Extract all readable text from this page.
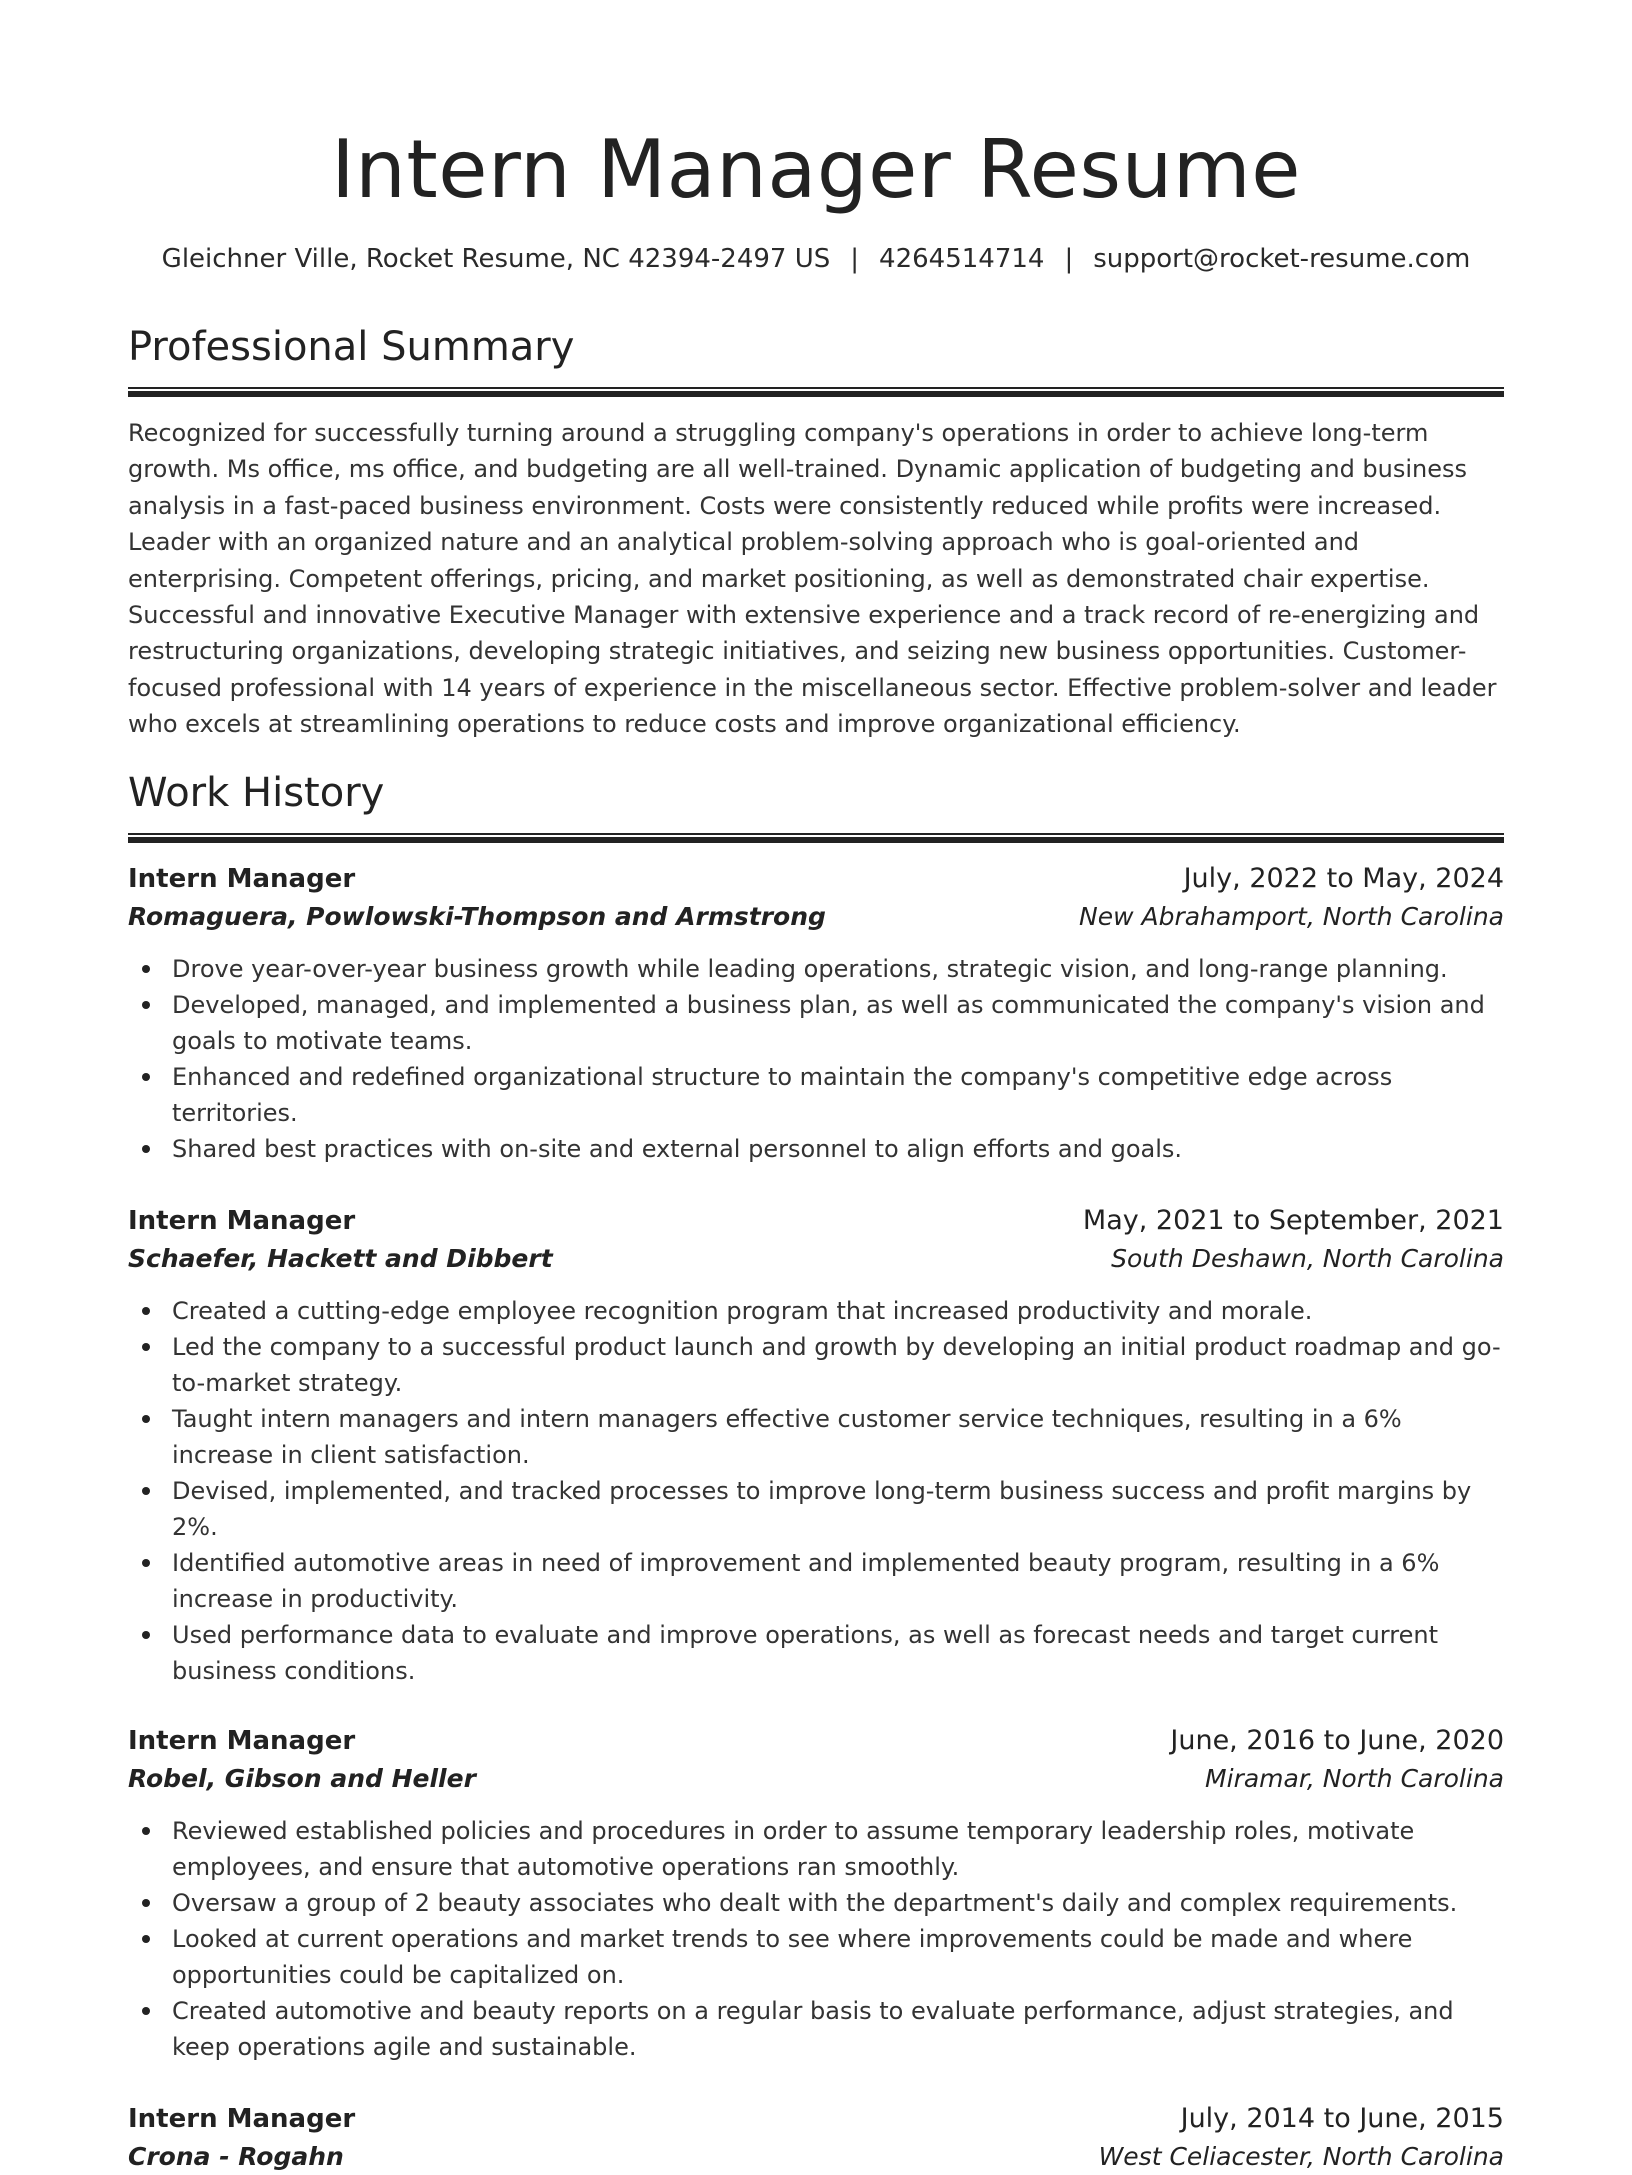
Intern Manager Resume
Gleichner Ville, Rocket Resume, NC 42394-2497 US | 4264514714 | support@rocket-resume.com
Professional Summary

Recognized for successfully turning around a struggling company's operations in order to achieve long-term growth. Ms office, ms office, and budgeting are all well-trained. Dynamic application of budgeting and business analysis in a fast-paced business environment. Costs were consistently reduced while profits were increased. Leader with an organized nature and an analytical problem-solving approach who is goal-oriented and enterprising. Competent offerings, pricing, and market positioning, as well as demonstrated chair expertise. Successful and innovative Executive Manager with extensive experience and a track record of re-energizing and restructuring organizations, developing strategic initiatives, and seizing new business opportunities. Customer-focused professional with 14 years of experience in the miscellaneous sector. Effective problem-solver and leader who excels at streamlining operations to reduce costs and improve organizational efficiency.

Work History
Intern Manager	July, 2022 to May, 2024
Romaguera, Powlowski-Thompson and Armstrong	New Abrahamport, North Carolina
Drove year-over-year business growth while leading operations, strategic vision, and long-range planning.
Developed, managed, and implemented a business plan, as well as communicated the company's vision and goals to motivate teams.
Enhanced and redefined organizational structure to maintain the company's competitive edge across territories.
Shared best practices with on-site and external personnel to align efforts and goals.
Intern Manager	May, 2021 to September, 2021
Schaefer, Hackett and Dibbert	South Deshawn, North Carolina
Created a cutting-edge employee recognition program that increased productivity and morale.
Led the company to a successful product launch and growth by developing an initial product roadmap and go-to-market strategy.
Taught intern managers and intern managers effective customer service techniques, resulting in a 6% increase in client satisfaction.
Devised, implemented, and tracked processes to improve long-term business success and profit margins by 2%.
Identified automotive areas in need of improvement and implemented beauty program, resulting in a 6% increase in productivity.
Used performance data to evaluate and improve operations, as well as forecast needs and target current business conditions.
Intern Manager	June, 2016 to June, 2020
Robel, Gibson and Heller	Miramar, North Carolina
Reviewed established policies and procedures in order to assume temporary leadership roles, motivate employees, and ensure that automotive operations ran smoothly.
Oversaw a group of 2 beauty associates who dealt with the department's daily and complex requirements.
Looked at current operations and market trends to see where improvements could be made and where opportunities could be capitalized on.
Created automotive and beauty reports on a regular basis to evaluate performance, adjust strategies, and keep operations agile and sustainable.
Intern Manager	July, 2014 to June, 2015
Crona - Rogahn	West Celiacester, North Carolina
